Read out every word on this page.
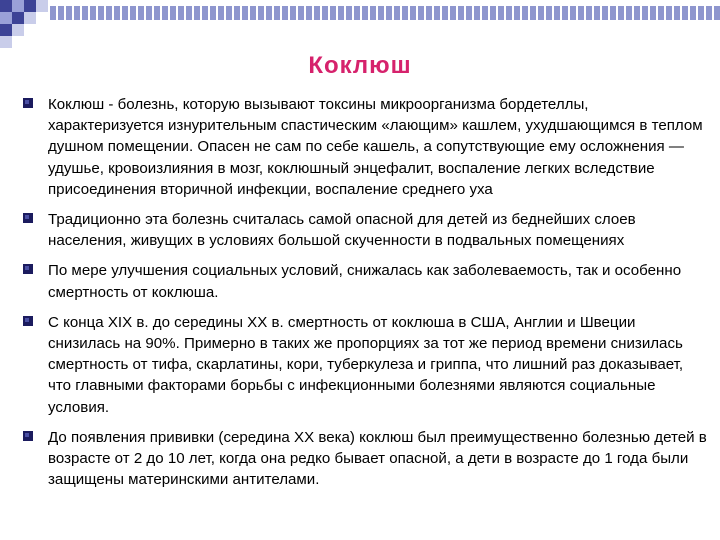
Коклюш
Коклюш - болезнь, которую вызывают токсины микроорганизма бордетеллы, характеризуется изнурительным спастическим «лающим» кашлем, ухудшающимся в теплом душном помещении. Опасен не сам по себе кашель, а сопутствующие ему осложнения — удушье, кровоизлияния в мозг, коклюшный энцефалит, воспаление легких вследствие присоединения вторичной инфекции, воспаление среднего уха
Традиционно эта болезнь считалась самой опасной для детей из беднейших слоев населения, живущих в условиях большой скученности в подвальных помещениях
По мере улучшения социальных условий, снижалась как заболеваемость, так и особенно смертность от коклюша.
С конца XIX в. до середины XX в. смертность от коклюша в США, Англии и Швеции снизилась на 90%. Примерно в таких же пропорциях за тот же период времени снизилась смертность от тифа, скарлатины, кори, туберкулеза и гриппа, что лишний раз доказывает, что главными факторами борьбы с инфекционными болезнями являются социальные условия.
До появления прививки (середина XX века) коклюш был преимущественно болезнью детей в возрасте от 2 до 10 лет, когда она редко бывает опасной, а дети в возрасте до 1 года были защищены материнскими антителами.
